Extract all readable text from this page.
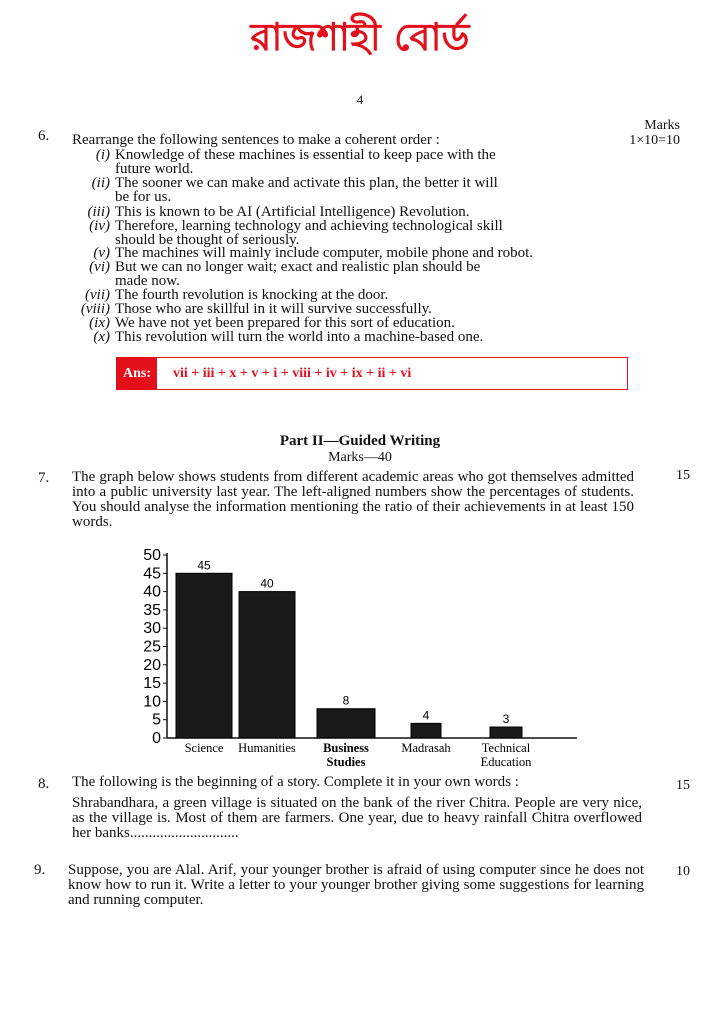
রাজশাহী বোর্ড
4
Marks
1×10=10
6. Rearrange the following sentences to make a coherent order :
(i) Knowledge of these machines is essential to keep pace with the
future world.
(ii) The sooner we can make and activate this plan, the better it will
be for us.
(iii) This is known to be AI (Artificial Intelligence) Revolution.
(iv) Therefore, learning technology and achieving technological skill
should be thought of seriously.
(v) The machines will mainly include computer, mobile phone and robot.
(vi) But we can no longer wait; exact and realistic plan should be
made now.
(vii) The fourth revolution is knocking at the door.
(viii) Those who are skillful in it will survive successfully.
(ix) We have not yet been prepared for this sort of education.
(x) This revolution will turn the world into a machine-based one.
Ans:	vii + iii + x + v + i + viii + iv + ix + ii + vi
Part II—Guided Writing
Marks—40
7.	15
The graph below shows students from different academic areas who got themselves admitted into a public university last year. The left-aligned numbers show the percentages of students. You should analyse the information mentioning the ratio of their achievements in at least 150 words.
0
5
10
15
20
25
30
35
40
45
50
45
Science
40
Humanities
8
Business
Studies
4
Madrasah
3
Technical
Education
8.	15
The following is the beginning of a story. Complete it in your own words :
Shrabandhara, a green village is situated on the bank of the river Chitra. People are very nice, as the village is. Most of them are farmers. One year, due to heavy rainfall Chitra overflowed her banks.............................
9.	10
Suppose, you are Alal. Arif, your younger brother is afraid of using computer since he does not know how to run it. Write a letter to your younger brother giving some suggestions for learning and running computer.
